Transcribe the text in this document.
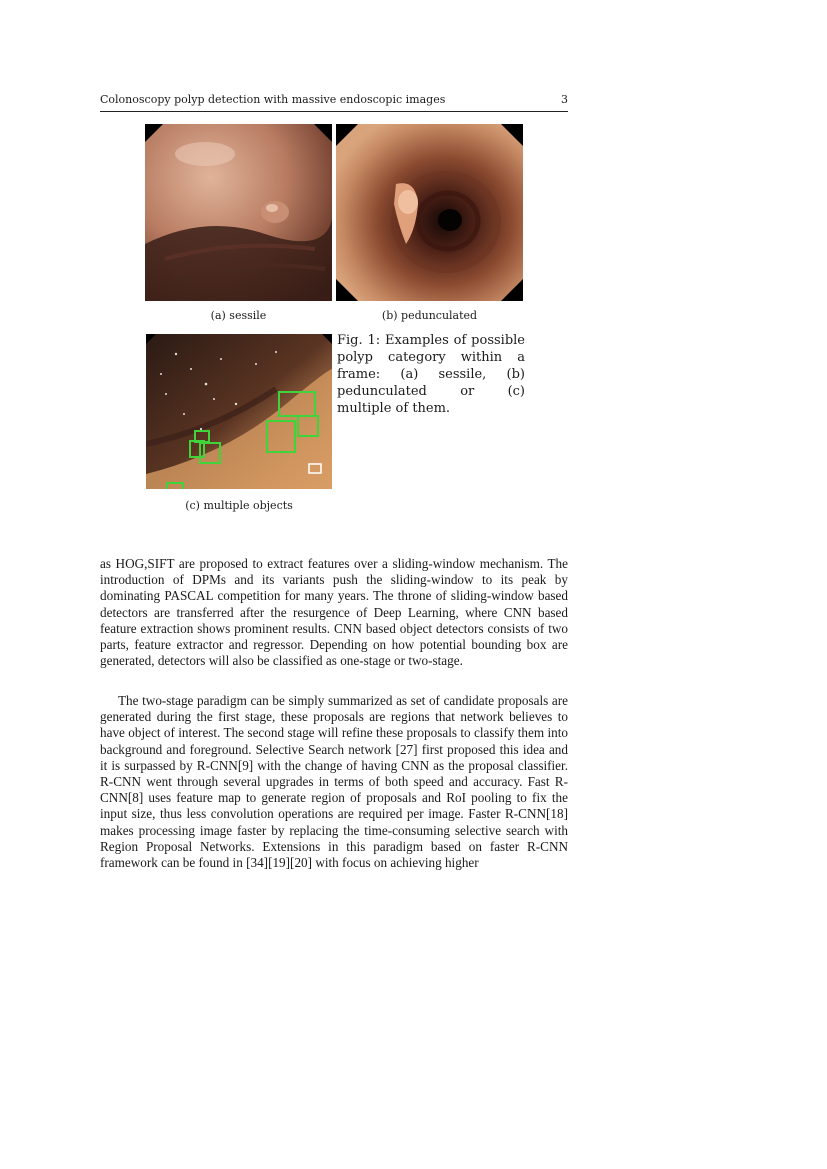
Colonoscopy polyp detection with massive endoscopic images	3
(a) sessile	(b) pedunculated
(c) multiple objects
Fig. 1: Examples of possible polyp category within a frame: (a) sessile, (b) pedunculated or (c) multiple of them.

as HOG,SIFT are proposed to extract features over a sliding-window mechanism. The introduction of DPMs and its variants push the sliding-window to its peak by dominating PASCAL competition for many years. The throne of sliding-window based detectors are transferred after the resurgence of Deep Learning, where CNN based feature extraction shows prominent results. CNN based object detectors consists of two parts, feature extractor and regressor. Depending on how potential bounding box are generated, detectors will also be classified as one-stage or two-stage.

The two-stage paradigm can be simply summarized as set of candidate proposals are generated during the first stage, these proposals are regions that network believes to have object of interest. The second stage will refine these proposals to classify them into background and foreground. Selective Search network [27] first proposed this idea and it is surpassed by R-CNN[9] with the change of having CNN as the proposal classifier. R-CNN went through several upgrades in terms of both speed and accuracy. Fast R-CNN[8] uses feature map to generate region of proposals and RoI pooling to fix the input size, thus less convolution operations are required per image. Faster R-CNN[18] makes processing image faster by replacing the time-consuming selective search with Region Proposal Networks. Extensions in this paradigm based on faster R-CNN framework can be found in [34][19][20] with focus on achieving higher
